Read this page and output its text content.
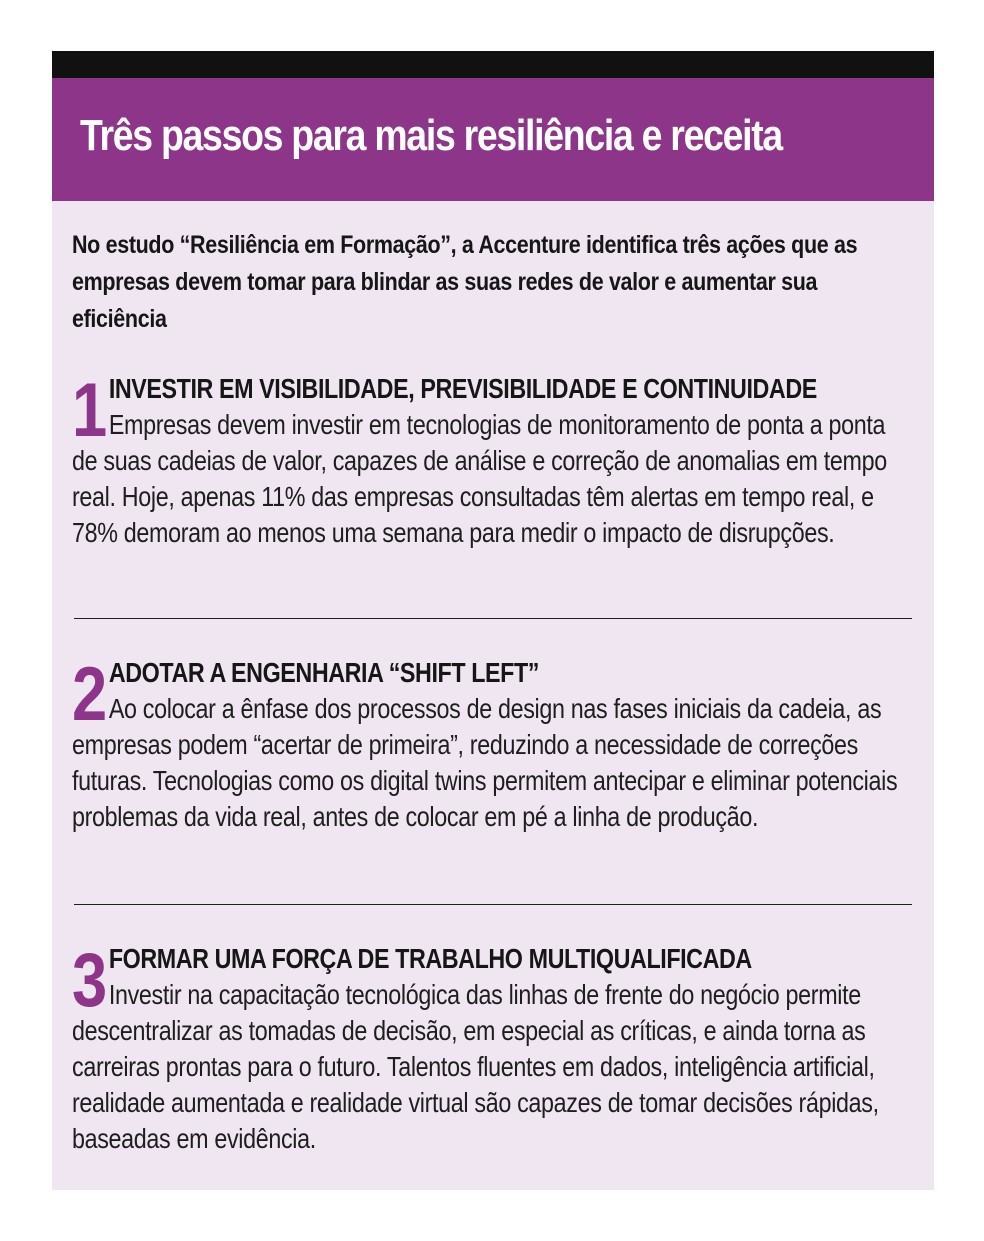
Três passos para mais resiliência e receita

No estudo “Resiliência em Formação”, a Accenture identifica três ações que as empresas devem tomar para blindar as suas redes de valor e aumentar sua eficiência

1 INVESTIR EM VISIBILIDADE, PREVISIBILIDADE E CONTINUIDADE
Empresas devem investir em tecnologias de monitoramento de ponta a ponta de suas cadeias de valor, capazes de análise e correção de anomalias em tempo real. Hoje, apenas 11% das empresas consultadas têm alertas em tempo real, e 78% demoram ao menos uma semana para medir o impacto de disrupções.
2 ADOTAR A ENGENHARIA “SHIFT LEFT”
Ao colocar a ênfase dos processos de design nas fases iniciais da cadeia, as empresas podem “acertar de primeira”, reduzindo a necessidade de correções futuras. Tecnologias como os digital twins permitem antecipar e eliminar potenciais problemas da vida real, antes de colocar em pé a linha de produção.
3 FORMAR UMA FORÇA DE TRABALHO MULTIQUALIFICADA
Investir na capacitação tecnológica das linhas de frente do negócio permite descentralizar as tomadas de decisão, em especial as críticas, e ainda torna as carreiras prontas para o futuro. Talentos fluentes em dados, inteligência artificial, realidade aumentada e realidade virtual são capazes de tomar decisões rápidas, baseadas em evidência.
